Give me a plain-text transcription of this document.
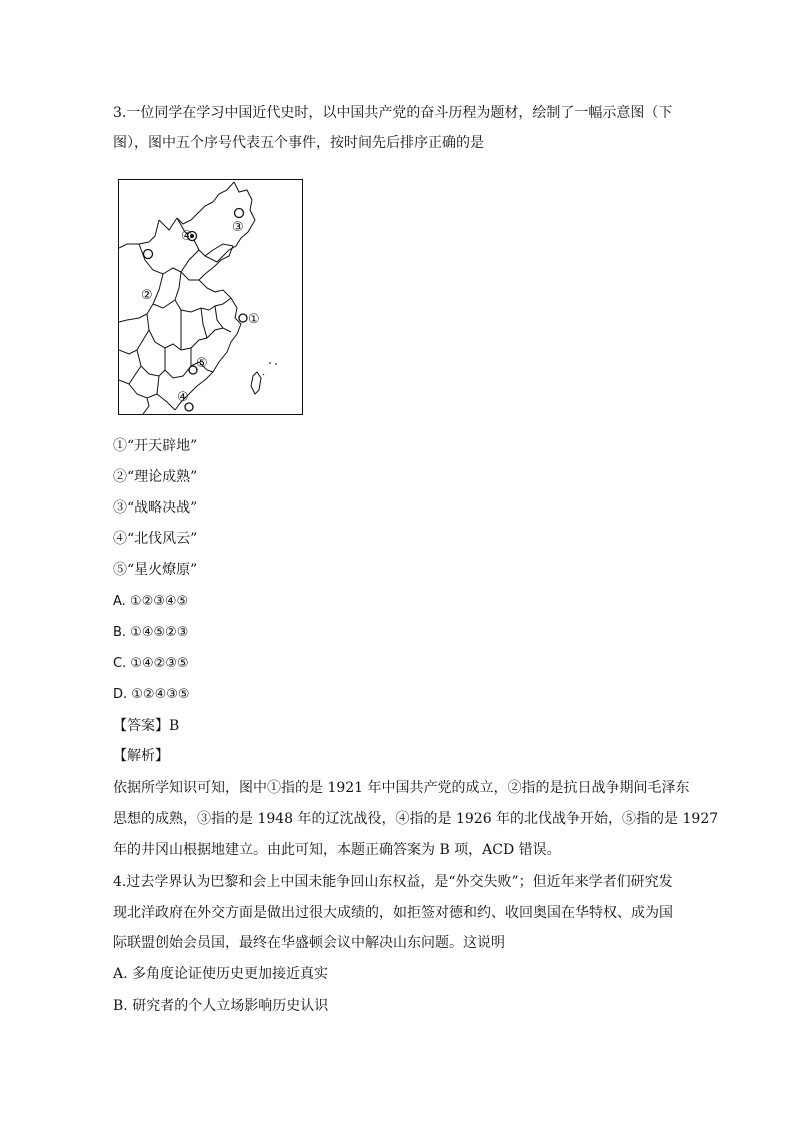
3.一位同学在学习中国近代史时，以中国共产党的奋斗历程为题材，绘制了一幅示意图（下
图），图中五个序号代表五个事件，按时间先后排序正确的是
③
④
②
①
⑤
④
①“开天辟地”
②“理论成熟”
③“战略决战”
④“北伐风云”
⑤“星火燎原”
A. ①②③④⑤
B. ①④⑤②③
C. ①④②③⑤
D. ①②④③⑤
【答案】B
【解析】
依据所学知识可知，图中①指的是 1921 年中国共产党的成立，②指的是抗日战争期间毛泽东
思想的成熟，③指的是 1948 年的辽沈战役，④指的是 1926 年的北伐战争开始，⑤指的是 1927
年的井冈山根据地建立。由此可知，本题正确答案为 B 项，ACD 错误。
4.过去学界认为巴黎和会上中国未能争回山东权益，是“外交失败”；但近年来学者们研究发
现北洋政府在外交方面是做出过很大成绩的，如拒签对德和约、收回奥国在华特权、成为国
际联盟创始会员国，最终在华盛顿会议中解决山东问题。这说明
A. 多角度论证使历史更加接近真实
B. 研究者的个人立场影响历史认识
